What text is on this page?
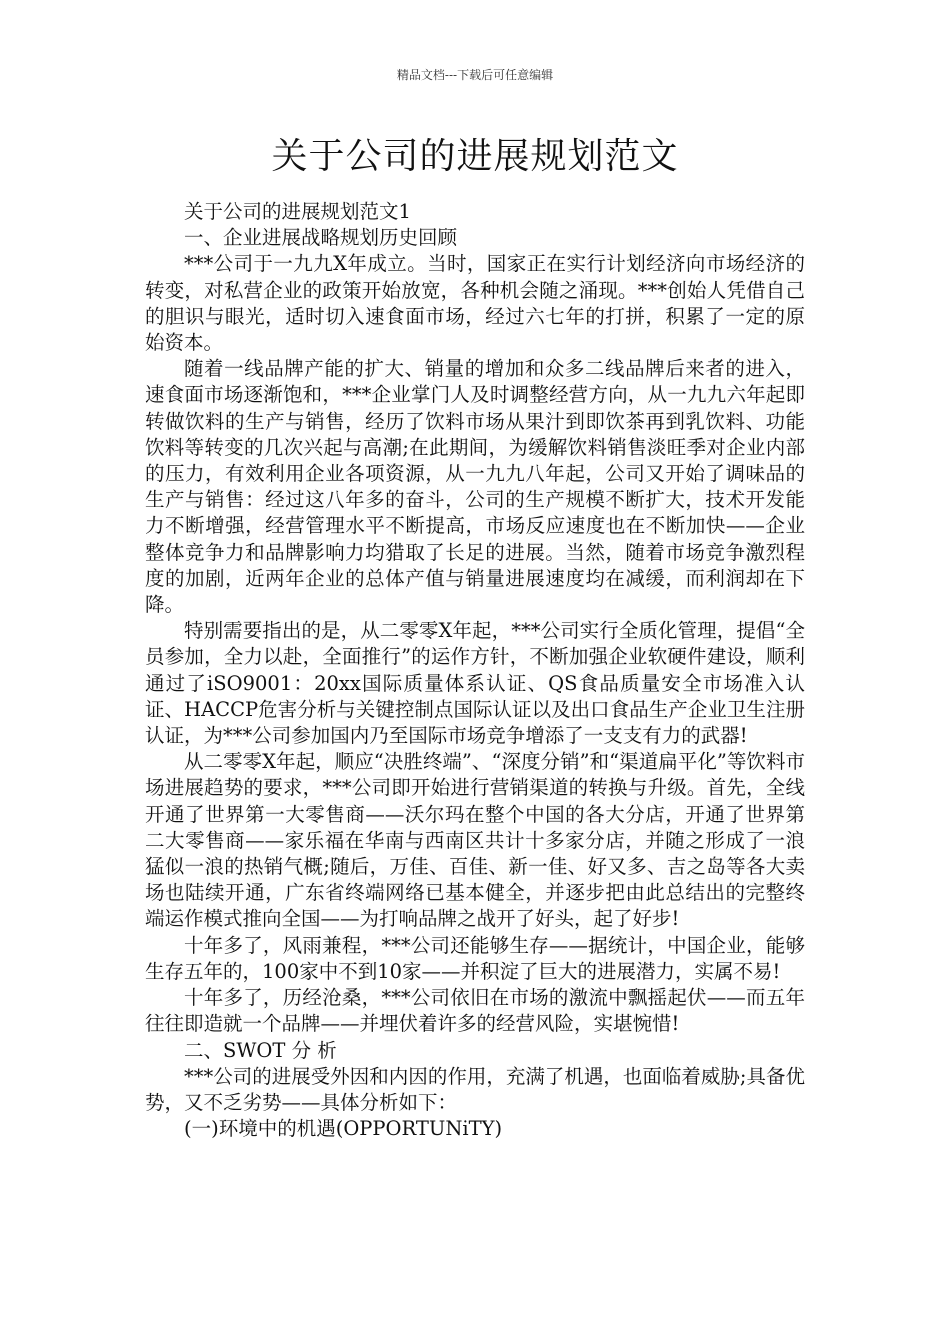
精品文档---下载后可任意编辑
关于公司的进展规划范文

关于公司的进展规划范文1

一、企业进展战略规划历史回顾

***公司于一九九X年成立。当时，国家正在实行计划经济向市场经济的转变，对私营企业的政策开始放宽，各种机会随之涌现。***创始人凭借自己的胆识与眼光，适时切入速食面市场，经过六七年的打拼，积累了一定的原始资本。

随着一线品牌产能的扩大、销量的增加和众多二线品牌后来者的进入，速食面市场逐渐饱和，***企业掌门人及时调整经营方向，从一九九六年起即转做饮料的生产与销售，经历了饮料市场从果汁到即饮茶再到乳饮料、功能饮料等转变的几次兴起与高潮;在此期间，为缓解饮料销售淡旺季对企业内部的压力，有效利用企业各项资源，从一九九八年起，公司又开始了调味品的生产与销售：经过这八年多的奋斗，公司的生产规模不断扩大，技术开发能力不断增强，经营管理水平不断提高，市场反应速度也在不断加快——企业整体竞争力和品牌影响力均猎取了长足的进展。当然，随着市场竞争激烈程度的加剧，近两年企业的总体产值与销量进展速度均在减缓，而利润却在下降。

特别需要指出的是，从二零零X年起，***公司实行全质化管理，提倡“全员参加，全力以赴，全面推行”的运作方针，不断加强企业软硬件建设，顺利通过了iSO9001：20xx国际质量体系认证、QS食品质量安全市场准入认证、HACCP危害分析与关键控制点国际认证以及出口食品生产企业卫生注册认证，为***公司参加国内乃至国际市场竞争增添了一支支有力的武器!

从二零零X年起，顺应“决胜终端”、“深度分销”和“渠道扁平化”等饮料市场进展趋势的要求，***公司即开始进行营销渠道的转换与升级。首先，全线开通了世界第一大零售商——沃尔玛在整个中国的各大分店，开通了世界第二大零售商——家乐福在华南与西南区共计十多家分店，并随之形成了一浪猛似一浪的热销气概;随后，万佳、百佳、新一佳、好又多、吉之岛等各大卖场也陆续开通，广东省终端网络已基本健全，并逐步把由此总结出的完整终端运作模式推向全国——为打响品牌之战开了好头，起了好步!

十年多了，风雨兼程，***公司还能够生存——据统计，中国企业，能够生存五年的，100家中不到10家——并积淀了巨大的进展潜力，实属不易!

十年多了，历经沧桑，***公司依旧在市场的激流中飘摇起伏——而五年往往即造就一个品牌——并埋伏着许多的经营风险，实堪惋惜!

二、SWOT 分 析

***公司的进展受外因和内因的作用，充满了机遇，也面临着威胁;具备优势，又不乏劣势——具体分析如下：

(一)环境中的机遇(OPPORTUNiTY)
